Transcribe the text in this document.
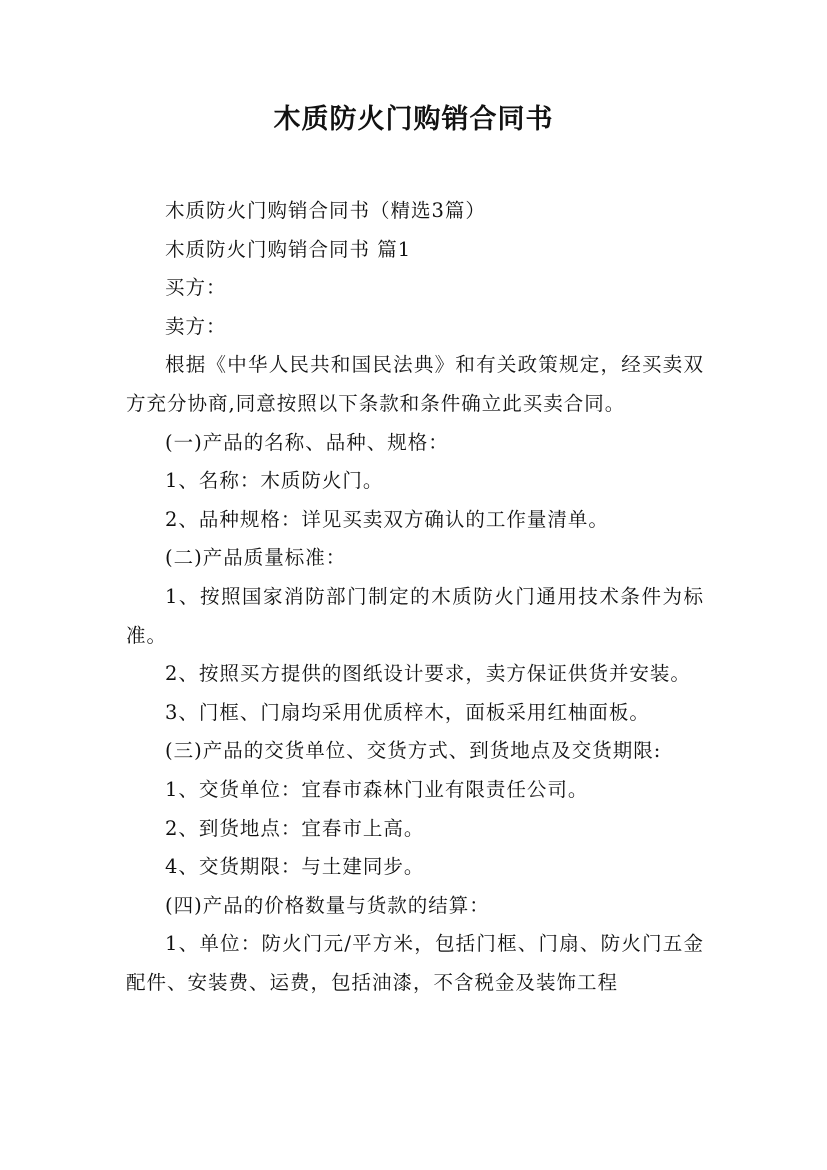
木质防火门购销合同书

木质防火门购销合同书（精选3篇）

木质防火门购销合同书 篇1

买方：

卖方：

根据《中华人民共和国民法典》和有关政策规定，经买卖双方充分协商,同意按照以下条款和条件确立此买卖合同。

(一)产品的名称、品种、规格：

1、名称：木质防火门。

2、品种规格：详见买卖双方确认的工作量清单。

(二)产品质量标准：

1、按照国家消防部门制定的木质防火门通用技术条件为标准。

2、按照买方提供的图纸设计要求，卖方保证供货并安装。

3、门框、门扇均采用优质梓木，面板采用红柚面板。

(三)产品的交货单位、交货方式、到货地点及交货期限:

1、交货单位：宜春市森林门业有限责任公司。

2、到货地点：宜春市上高。

4、交货期限：与土建同步。

(四)产品的价格数量与货款的结算：

1、单位：防火门元/平方米，包括门框、门扇、防火门五金配件、安装费、运费，包括油漆，不含税金及装饰工程
